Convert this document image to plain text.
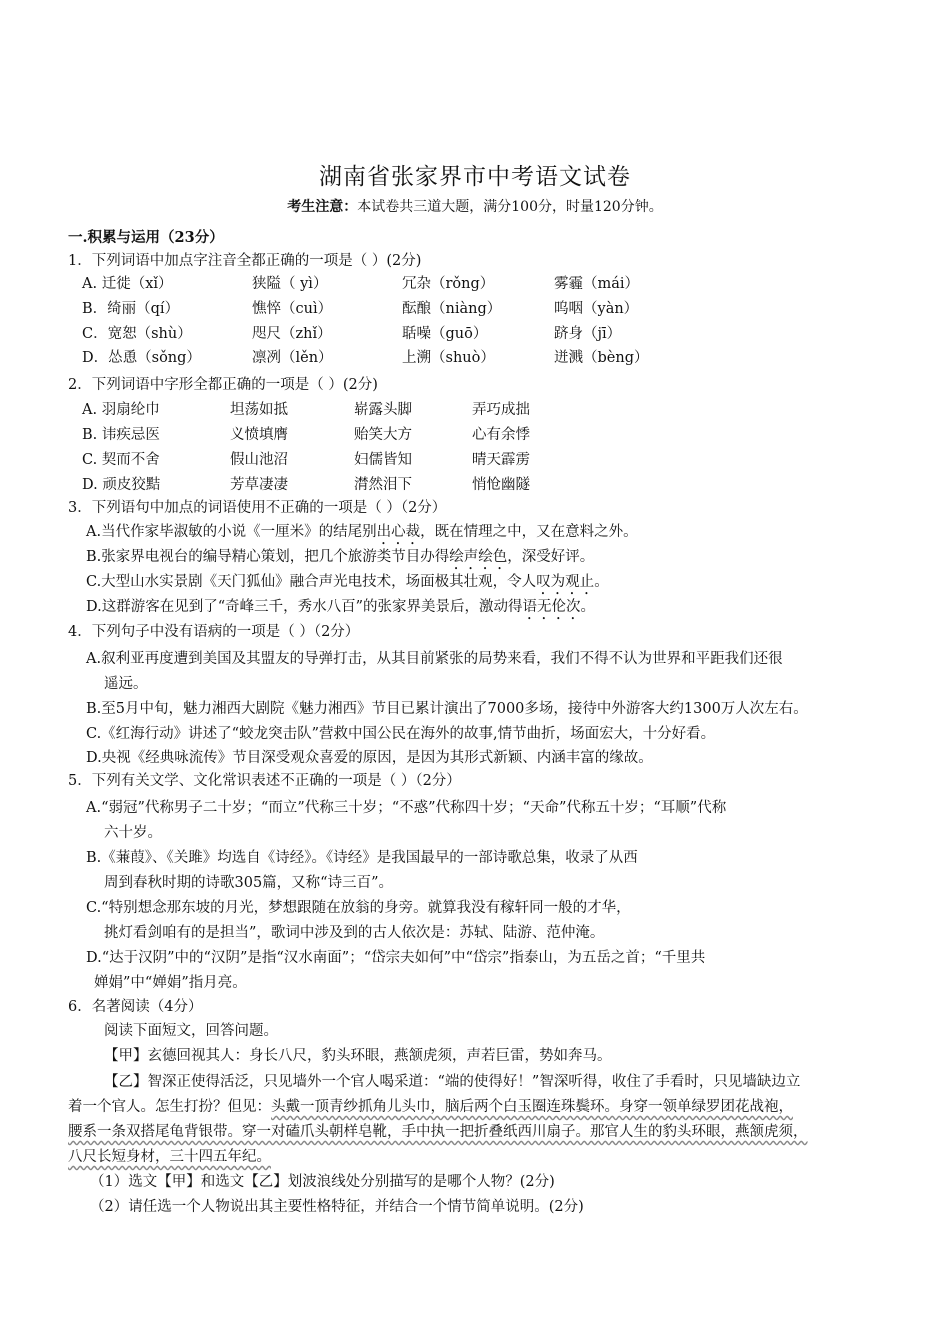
湖南省张家界市中考语文试卷
考生注意：本试卷共三道大题，满分100分，时量120分钟。
一.积累与运用（23分）
1．下列词语中加点字注音全都正确的一项是（ ）(2分)
A. 迁徙（xǐ）	狭隘（ yì）	冗杂（rǒng）	雾霾（mái）
B．绮丽（qí）	憔悴（cuì）	酝酿（niàng）	呜咽（yàn）
C．宽恕（shù）	咫尺（zhǐ）	聒噪（guō）	跻身（jī）
D．怂恿（sǒng）	凛冽（lěn）	上溯（shuò）	迸溅（bèng）
2．下列词语中字形全都正确的一项是（ ）(2分)
A. 羽扇纶巾	坦荡如抵	崭露头脚	弄巧成拙
B. 讳疾忌医	义愤填膺	贻笑大方	心有余悸
C. 契而不舍	假山池沼	妇儒皆知	晴天霹雳
D. 顽皮狡黠	芳草凄凄	潸然泪下	悄怆幽隧
3．下列语句中加点的词语使用不正确的一项是（ ）（2分）
A.当代作家毕淑敏的小说《一厘米》的结尾别出心裁，既在情理之中，又在意料之外。
B.张家界电视台的编导精心策划，把几个旅游类节目办得绘声绘色，深受好评。
C.大型山水实景剧《天门狐仙》融合声光电技术，场面极其壮观，令人叹为观止。
D.这群游客在见到了“奇峰三千，秀水八百”的张家界美景后，激动得语无伦次。
4．下列句子中没有语病的一项是（ ）（2分）
A.叙利亚再度遭到美国及其盟友的导弹打击，从其目前紧张的局势来看，我们不得不认为世界和平距我们还很
遥远。
B.至5月中旬，魅力湘西大剧院《魅力湘西》节目已累计演出了7000多场，接待中外游客大约1300万人次左右。
C.《红海行动》讲述了“蛟龙突击队”营救中国公民在海外的故事,情节曲折，场面宏大，十分好看。
D.央视《经典咏流传》节目深受观众喜爱的原因，是因为其形式新颖、内涵丰富的缘故。
5．下列有关文学、文化常识表述不正确的一项是（ ）（2分）
A.“弱冠”代称男子二十岁；“而立”代称三十岁；“不惑”代称四十岁；“天命”代称五十岁；“耳顺”代称
六十岁。
B.《蒹葭》、《关雎》均选自《诗经》。《诗经》是我国最早的一部诗歌总集，收录了从西
周到春秋时期的诗歌305篇，又称“诗三百”。
C.“特别想念那东坡的月光，梦想跟随在放翁的身旁。就算我没有稼轩同一般的才华，
挑灯看剑咱有的是担当”，歌词中涉及到的古人依次是：苏轼、陆游、范仲淹。
D.“达于汉阴”中的“汉阴”是指“汉水南面”；“岱宗夫如何”中“岱宗”指泰山，为五岳之首；“千里共
婵娟”中“婵娟”指月亮。
6．名著阅读（4分）
阅读下面短文，回答问题。
【甲】玄德回视其人：身长八尺，豹头环眼，燕颔虎须，声若巨雷，势如奔马。
【乙】智深正使得活泛，只见墙外一个官人喝采道：“端的使得好！”智深听得，收住了手看时，只见墙缺边立
着一个官人。怎生打扮？但见：头戴一顶青纱抓角儿头巾，脑后两个白玉圈连珠鬓环。身穿一领单绿罗团花战袍，
腰系一条双搭尾龟背银带。穿一对磕爪头朝样皂靴，手中执一把折叠纸西川扇子。那官人生的豹头环眼，燕颔虎须，
八尺长短身材，三十四五年纪。
（1）选文【甲】和选文【乙】划波浪线处分别描写的是哪个人物？(2分)
（2）请任选一个人物说出其主要性格特征，并结合一个情节简单说明。(2分)
